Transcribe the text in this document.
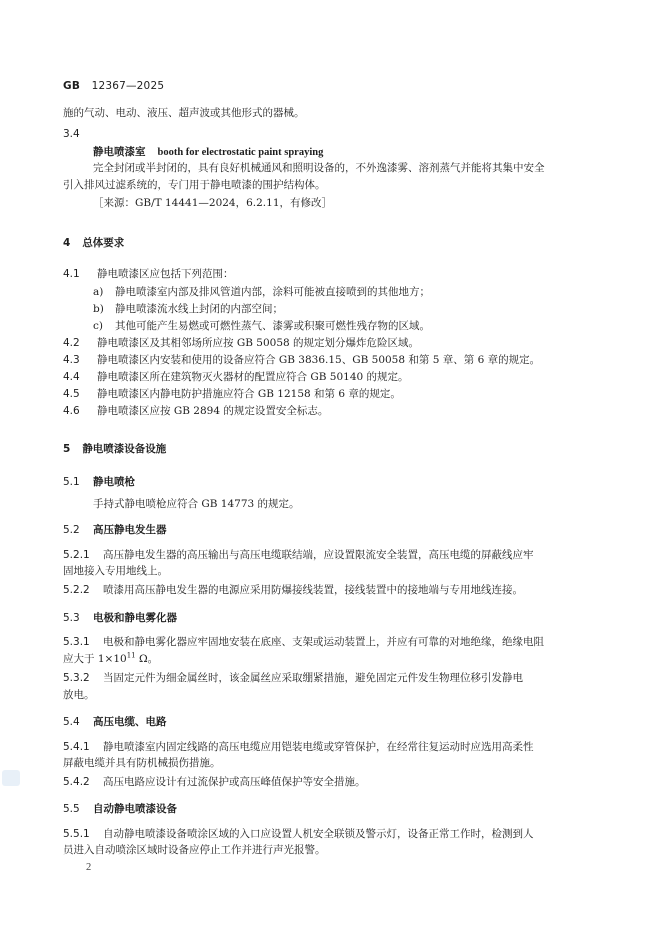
GB 12367—2025
施的气动、电动、液压、超声波或其他形式的器械。
3.4
静电喷漆室 booth for electrostatic paint spraying
完全封闭或半封闭的，具有良好机械通风和照明设备的，不外逸漆雾、溶剂蒸气并能将其集中安全
引入排风过滤系统的，专门用于静电喷漆的围护结构体。
［来源：GB/T 14441—2024，6.2.11，有修改］
4 总体要求
4.1 静电喷漆区应包括下列范围：
a) 静电喷漆室内部及排风管道内部，涂料可能被直接喷到的其他地方；
b) 静电喷漆流水线上封闭的内部空间；
c) 其他可能产生易燃或可燃性蒸气、漆雾或积聚可燃性残存物的区域。
4.2 静电喷漆区及其相邻场所应按 GB 50058 的规定划分爆炸危险区域。
4.3 静电喷漆区内安装和使用的设备应符合 GB 3836.15、GB 50058 和第 5 章、第 6 章的规定。
4.4 静电喷漆区所在建筑物灭火器材的配置应符合 GB 50140 的规定。
4.5 静电喷漆区内静电防护措施应符合 GB 12158 和第 6 章的规定。
4.6 静电喷漆区应按 GB 2894 的规定设置安全标志。
5 静电喷漆设备设施
5.1 静电喷枪
手持式静电喷枪应符合 GB 14773 的规定。
5.2 高压静电发生器
5.2.1 高压静电发生器的高压输出与高压电缆联结端，应设置限流安全装置，高压电缆的屏蔽线应牢
固地接入专用地线上。
5.2.2 喷漆用高压静电发生器的电源应采用防爆接线装置，接线装置中的接地端与专用地线连接。
5.3 电极和静电雾化器
5.3.1 电极和静电雾化器应牢固地安装在底座、支架或运动装置上，并应有可靠的对地绝缘，绝缘电阻
应大于 $1\times 10^{11}$ Ω。
5.3.2 当固定元件为细金属丝时，该金属丝应采取绷紧措施，避免固定元件发生物理位移引发静电
放电。
5.4 高压电缆、电路
5.4.1 静电喷漆室内固定线路的高压电缆应用铠装电缆或穿管保护，在经常往复运动时应选用高柔性
屏蔽电缆并具有防机械损伤措施。
5.4.2 高压电路应设计有过流保护或高压峰值保护等安全措施。
5.5 自动静电喷漆设备
5.5.1 自动静电喷漆设备喷涂区域的入口应设置人机安全联锁及警示灯，设备正常工作时，检测到人
员进入自动喷涂区域时设备应停止工作并进行声光报警。
2
